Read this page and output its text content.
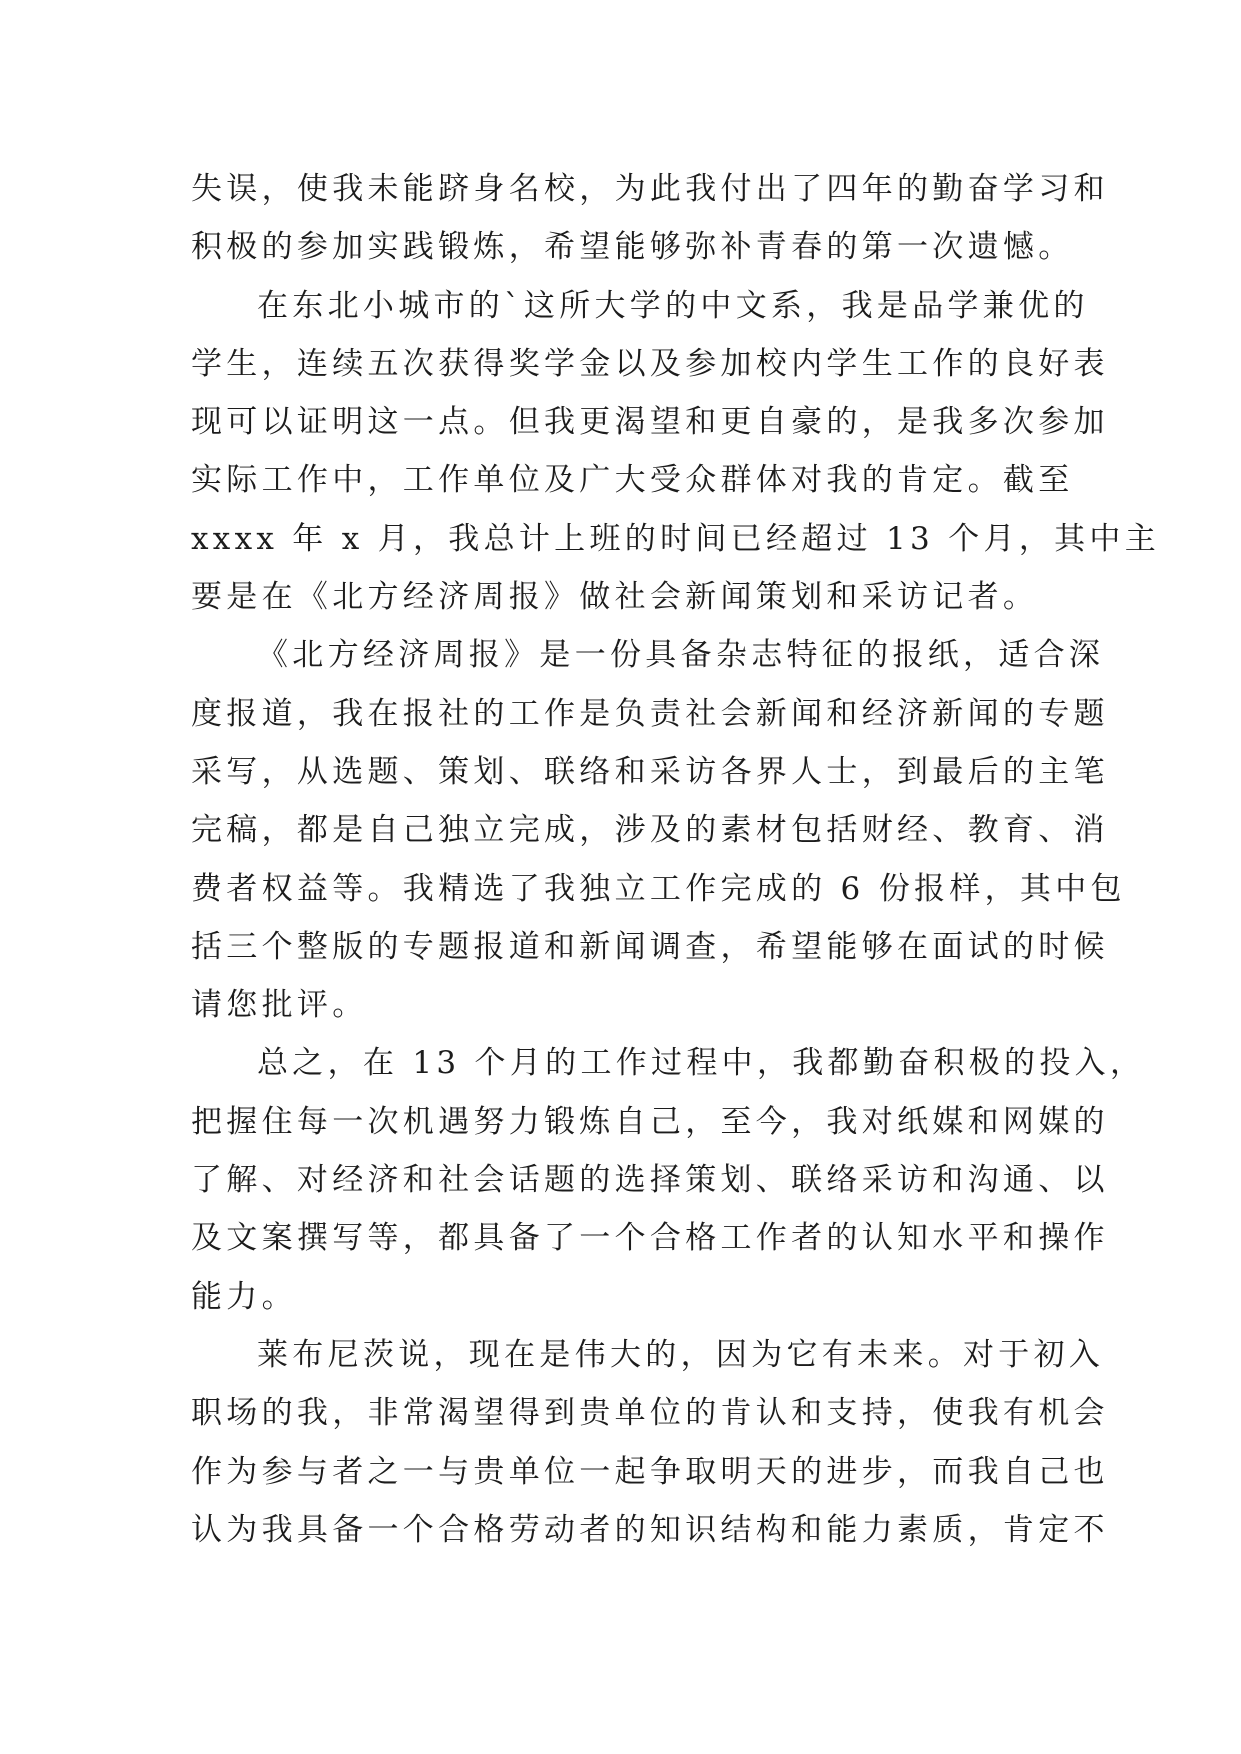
失误，使我未能跻身名校，为此我付出了四年的勤奋学习和
积极的参加实践锻炼，希望能够弥补青春的第一次遗憾。
在东北小城市的`这所大学的中文系，我是品学兼优的
学生，连续五次获得奖学金以及参加校内学生工作的良好表
现可以证明这一点。但我更渴望和更自豪的，是我多次参加
实际工作中，工作单位及广大受众群体对我的肯定。截至
xxxx 年 x 月，我总计上班的时间已经超过 13 个月，其中主
要是在《北方经济周报》做社会新闻策划和采访记者。
《北方经济周报》是一份具备杂志特征的报纸，适合深
度报道，我在报社的工作是负责社会新闻和经济新闻的专题
采写，从选题、策划、联络和采访各界人士，到最后的主笔
完稿，都是自己独立完成，涉及的素材包括财经、教育、消
费者权益等。我精选了我独立工作完成的 6 份报样，其中包
括三个整版的专题报道和新闻调查，希望能够在面试的时候
请您批评。
总之，在 13 个月的工作过程中，我都勤奋积极的投入，
把握住每一次机遇努力锻炼自己，至今，我对纸媒和网媒的
了解、对经济和社会话题的选择策划、联络采访和沟通、以
及文案撰写等，都具备了一个合格工作者的认知水平和操作
能力。
莱布尼茨说，现在是伟大的，因为它有未来。对于初入
职场的我，非常渴望得到贵单位的肯认和支持，使我有机会
作为参与者之一与贵单位一起争取明天的进步，而我自己也
认为我具备一个合格劳动者的知识结构和能力素质，肯定不
